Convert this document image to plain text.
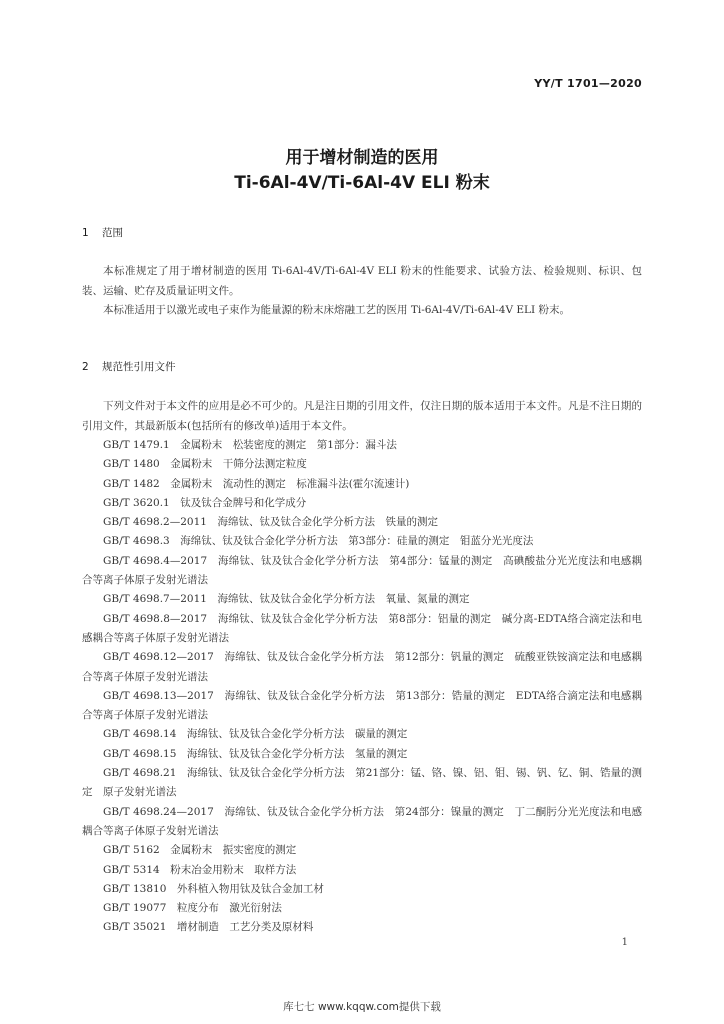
YY/T 1701—2020
用于增材制造的医用
Ti-6Al-4V/Ti-6Al-4V ELI 粉末
1 范围
本标准规定了用于增材制造的医用 Ti-6Al-4V/Ti-6Al-4V ELI 粉末的性能要求、试验方法、检验规则、标识、包装、运输、贮存及质量证明文件。
本标准适用于以激光或电子束作为能量源的粉末床熔融工艺的医用 Ti-6Al-4V/Ti-6Al-4V ELI 粉末。
2 规范性引用文件
下列文件对于本文件的应用是必不可少的。凡是注日期的引用文件，仅注日期的版本适用于本文件。凡是不注日期的引用文件，其最新版本(包括所有的修改单)适用于本文件。
GB/T 1479.1　金属粉末　松装密度的测定　第1部分：漏斗法
GB/T 1480　金属粉末　干筛分法测定粒度
GB/T 1482　金属粉末　流动性的测定　标准漏斗法(霍尔流速计)
GB/T 3620.1　钛及钛合金牌号和化学成分
GB/T 4698.2—2011　海绵钛、钛及钛合金化学分析方法　铁量的测定
GB/T 4698.3　海绵钛、钛及钛合金化学分析方法　第3部分：硅量的测定　钼蓝分光光度法
GB/T 4698.4—2017　海绵钛、钛及钛合金化学分析方法　第4部分：锰量的测定　高碘酸盐分光光度法和电感耦合等离子体原子发射光谱法
GB/T 4698.7—2011　海绵钛、钛及钛合金化学分析方法　氧量、氮量的测定
GB/T 4698.8—2017　海绵钛、钛及钛合金化学分析方法　第8部分：铝量的测定　碱分离-EDTA络合滴定法和电感耦合等离子体原子发射光谱法
GB/T 4698.12—2017　海绵钛、钛及钛合金化学分析方法　第12部分：钒量的测定　硫酸亚铁铵滴定法和电感耦合等离子体原子发射光谱法
GB/T 4698.13—2017　海绵钛、钛及钛合金化学分析方法　第13部分：锆量的测定　EDTA络合滴定法和电感耦合等离子体原子发射光谱法
GB/T 4698.14　海绵钛、钛及钛合金化学分析方法　碳量的测定
GB/T 4698.15　海绵钛、钛及钛合金化学分析方法　氢量的测定
GB/T 4698.21　海绵钛、钛及钛合金化学分析方法　第21部分：锰、铬、镍、铝、钼、锡、钒、钇、铜、锆量的测定　原子发射光谱法
GB/T 4698.24—2017　海绵钛、钛及钛合金化学分析方法　第24部分：镍量的测定　丁二酮肟分光光度法和电感耦合等离子体原子发射光谱法
GB/T 5162　金属粉末　振实密度的测定
GB/T 5314　粉末冶金用粉末　取样方法
GB/T 13810　外科植入物用钛及钛合金加工材
GB/T 19077　粒度分布　激光衍射法
GB/T 35021　增材制造　工艺分类及原材料
1
库七七 www.kqqw.com提供下载
